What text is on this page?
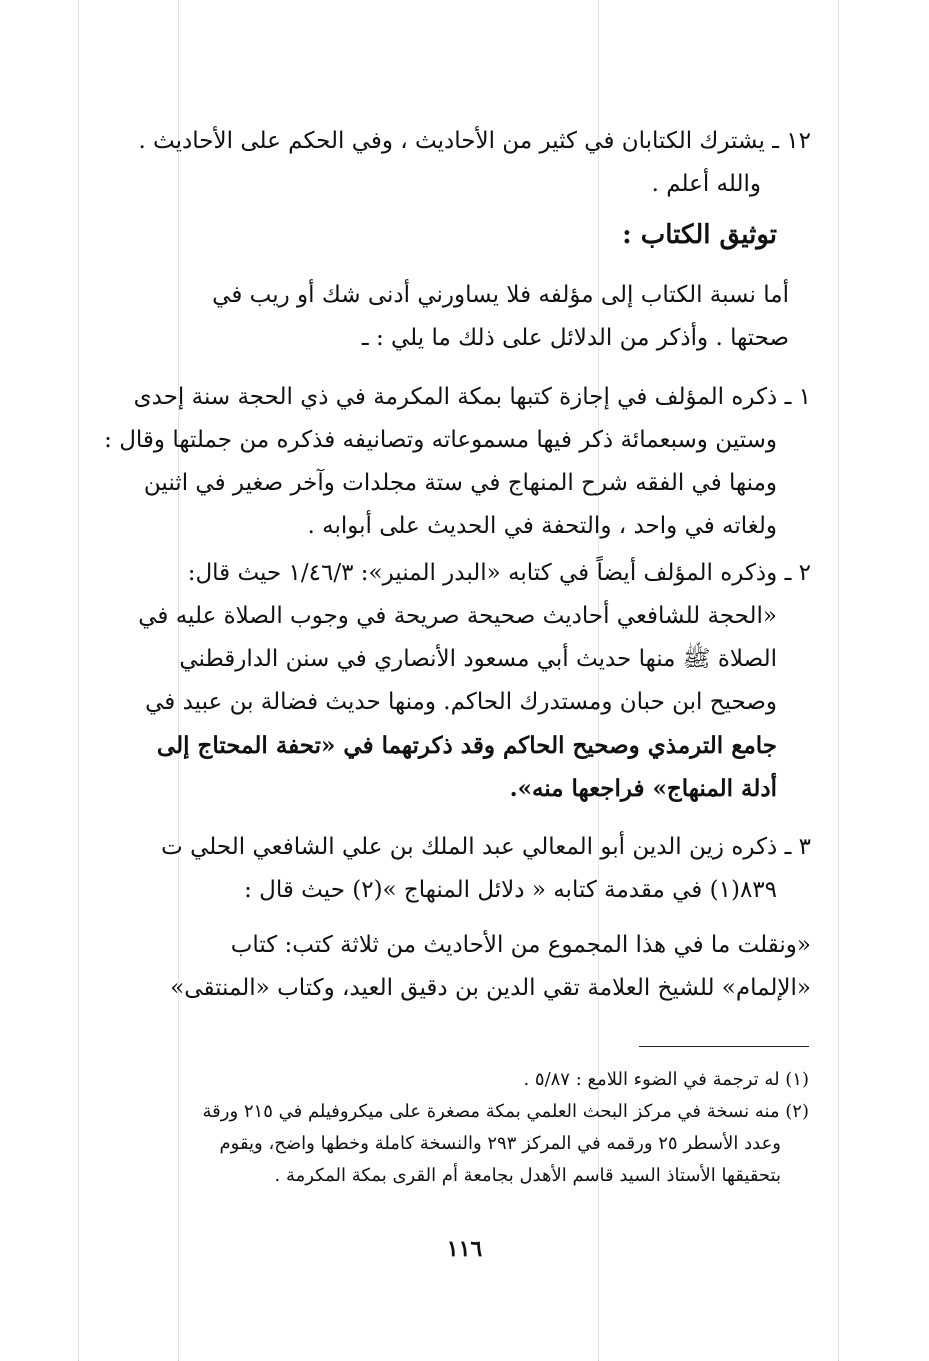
١٢ ـ يشترك الكتابان في كثير من الأحاديث ، وفي الحكم على الأحاديث .
والله أعلم .
توثيق الكتاب :
أما نسبة الكتاب إلى مؤلفه فلا يساورني أدنى شك أو ريب في
صحتها . وأذكر من الدلائل على ذلك ما يلي : ـ
١ ـ ذكره المؤلف في إجازة كتبها بمكة المكرمة في ذي الحجة سنة إحدى
وستين وسبعمائة ذكر فيها مسموعاته وتصانيفه فذكره من جملتها وقال :
ومنها في الفقه شرح المنهاج في ستة مجلدات وآخر صغير في اثنين
ولغاته في واحد ، والتحفة في الحديث على أبوابه .
٢ ـ وذكره المؤلف أيضاً في كتابه «البدر المنير»: ١/٤٦/٣ حيث قال:
«الحجة للشافعي أحاديث صحيحة صريحة في وجوب الصلاة عليه في
الصلاة ﷺ منها حديث أبي مسعود الأنصاري في سنن الدارقطني
وصحيح ابن حبان ومستدرك الحاكم. ومنها حديث فضالة بن عبيد في
جامع الترمذي وصحيح الحاكم وقد ذكرتهما في «تحفة المحتاج إلى
أدلة المنهاج» فراجعها منه».
٣ ـ ذكره زين الدين أبو المعالي عبد الملك بن علي الشافعي الحلي ت
٨٣٩(١) في مقدمة كتابه « دلائل المنهاج »(٢) حيث قال :
«ونقلت ما في هذا المجموع من الأحاديث من ثلاثة كتب: كتاب
«الإلمام» للشيخ العلامة تقي الدين بن دقيق العيد، وكتاب «المنتقى»
(١) له ترجمة في الضوء اللامع : ٥/٨٧ .
(٢) منه نسخة في مركز البحث العلمي بمكة مصغرة على ميكروفيلم في ٢١٥ ورقة
وعدد الأسطر ٢٥ ورقمه في المركز ٢٩٣ والنسخة كاملة وخطها واضح، ويقوم
بتحقيقها الأستاذ السيد قاسم الأهدل بجامعة أم القرى بمكة المكرمة .
١١٦
